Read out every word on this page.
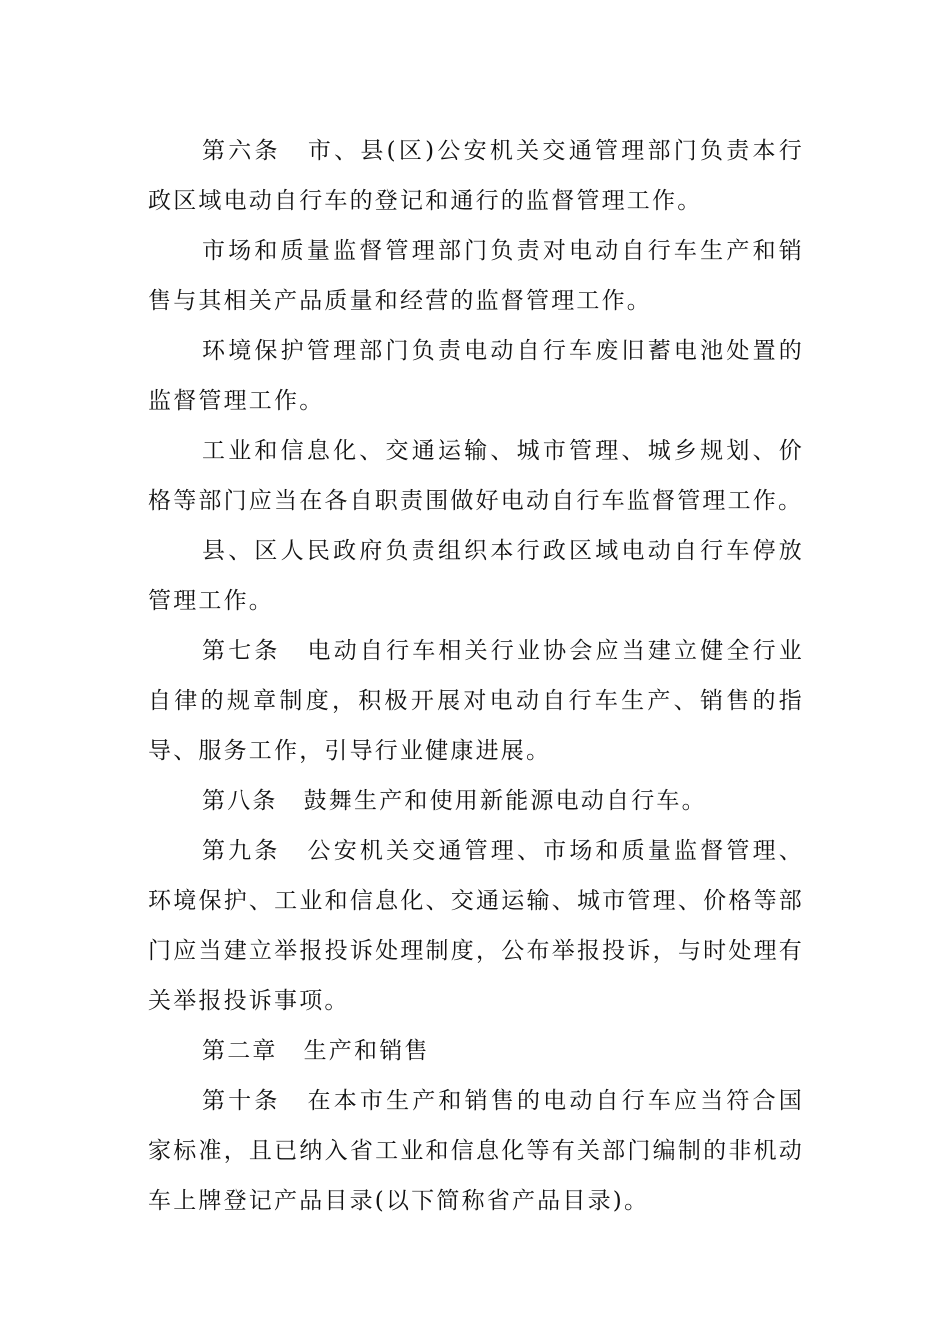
第六条 市、县(区)公安机关交通管理部门负责本行政区域电动自行车的登记和通行的监督管理工作。

市场和质量监督管理部门负责对电动自行车生产和销售与其相关产品质量和经营的监督管理工作。

环境保护管理部门负责电动自行车废旧蓄电池处置的监督管理工作。

工业和信息化、交通运输、城市管理、城乡规划、价格等部门应当在各自职责围做好电动自行车监督管理工作。

县、区人民政府负责组织本行政区域电动自行车停放管理工作。

第七条 电动自行车相关行业协会应当建立健全行业自律的规章制度，积极开展对电动自行车生产、销售的指导、服务工作，引导行业健康进展。

第八条 鼓舞生产和使用新能源电动自行车。

第九条 公安机关交通管理、市场和质量监督管理、环境保护、工业和信息化、交通运输、城市管理、价格等部门应当建立举报投诉处理制度，公布举报投诉，与时处理有关举报投诉事项。

第二章 生产和销售

第十条 在本市生产和销售的电动自行车应当符合国家标准，且已纳入省工业和信息化等有关部门编制的非机动车上牌登记产品目录(以下简称省产品目录)。
